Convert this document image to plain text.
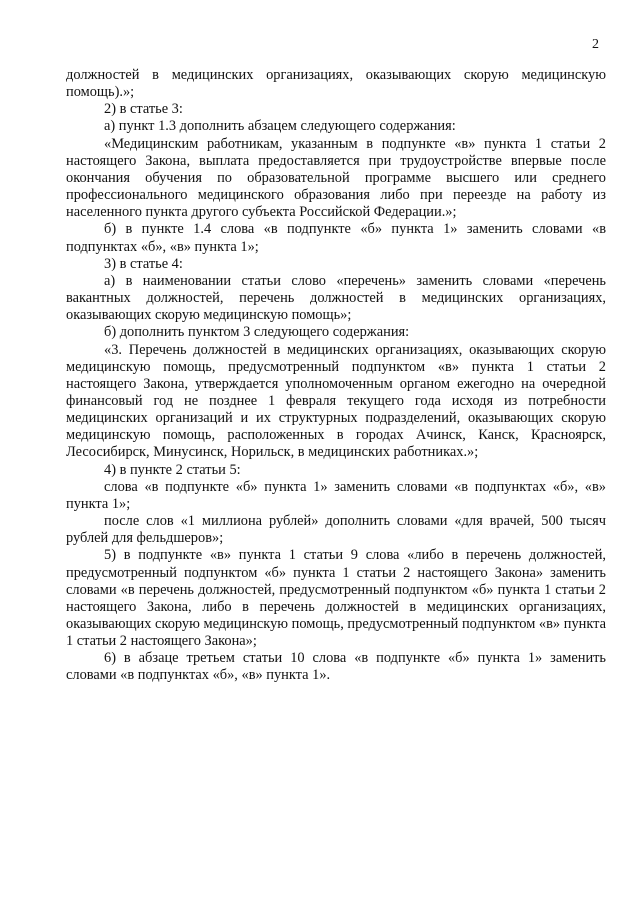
2

должностей в медицинских организациях, оказывающих скорую медицинскую помощь).»;

2) в статье 3:

а) пункт 1.3 дополнить абзацем следующего содержания:

«Медицинским работникам, указанным в подпункте «в» пункта 1 статьи 2 настоящего Закона, выплата предоставляется при трудоустройстве впервые после окончания обучения по образовательной программе высшего или среднего профессионального медицинского образования либо при переезде на работу из населенного пункта другого субъекта Российской Федерации.»;

б) в пункте 1.4 слова «в подпункте «б» пункта 1» заменить словами «в подпунктах «б», «в» пункта 1»;

3) в статье 4:

а) в наименовании статьи слово «перечень» заменить словами «перечень вакантных должностей, перечень должностей в медицинских организациях, оказывающих скорую медицинскую помощь»;

б) дополнить пунктом 3 следующего содержания:

«3. Перечень должностей в медицинских организациях, оказывающих скорую медицинскую помощь, предусмотренный подпунктом «в» пункта 1 статьи 2 настоящего Закона, утверждается уполномоченным органом ежегодно на очередной финансовый год не позднее 1 февраля текущего года исходя из потребности медицинских организаций и их структурных подразделений, оказывающих скорую медицинскую помощь, расположенных в городах Ачинск, Канск, Красноярск, Лесосибирск, Минусинск, Норильск, в медицинских работниках.»;

4) в пункте 2 статьи 5:

слова «в подпункте «б» пункта 1» заменить словами «в подпунктах «б», «в» пункта 1»;

после слов «1 миллиона рублей» дополнить словами «для врачей, 500 тысяч рублей для фельдшеров»;

5) в подпункте «в» пункта 1 статьи 9 слова «либо в перечень должностей, предусмотренный подпунктом «б» пункта 1 статьи 2 настоящего Закона» заменить словами «в перечень должностей, предусмотренный подпунктом «б» пункта 1 статьи 2 настоящего Закона, либо в перечень должностей в медицинских организациях, оказывающих скорую медицинскую помощь, предусмотренный подпунктом «в» пункта 1 статьи 2 настоящего Закона»;

6) в абзаце третьем статьи 10 слова «в подпункте «б» пункта 1» заменить словами «в подпунктах «б», «в» пункта 1».
